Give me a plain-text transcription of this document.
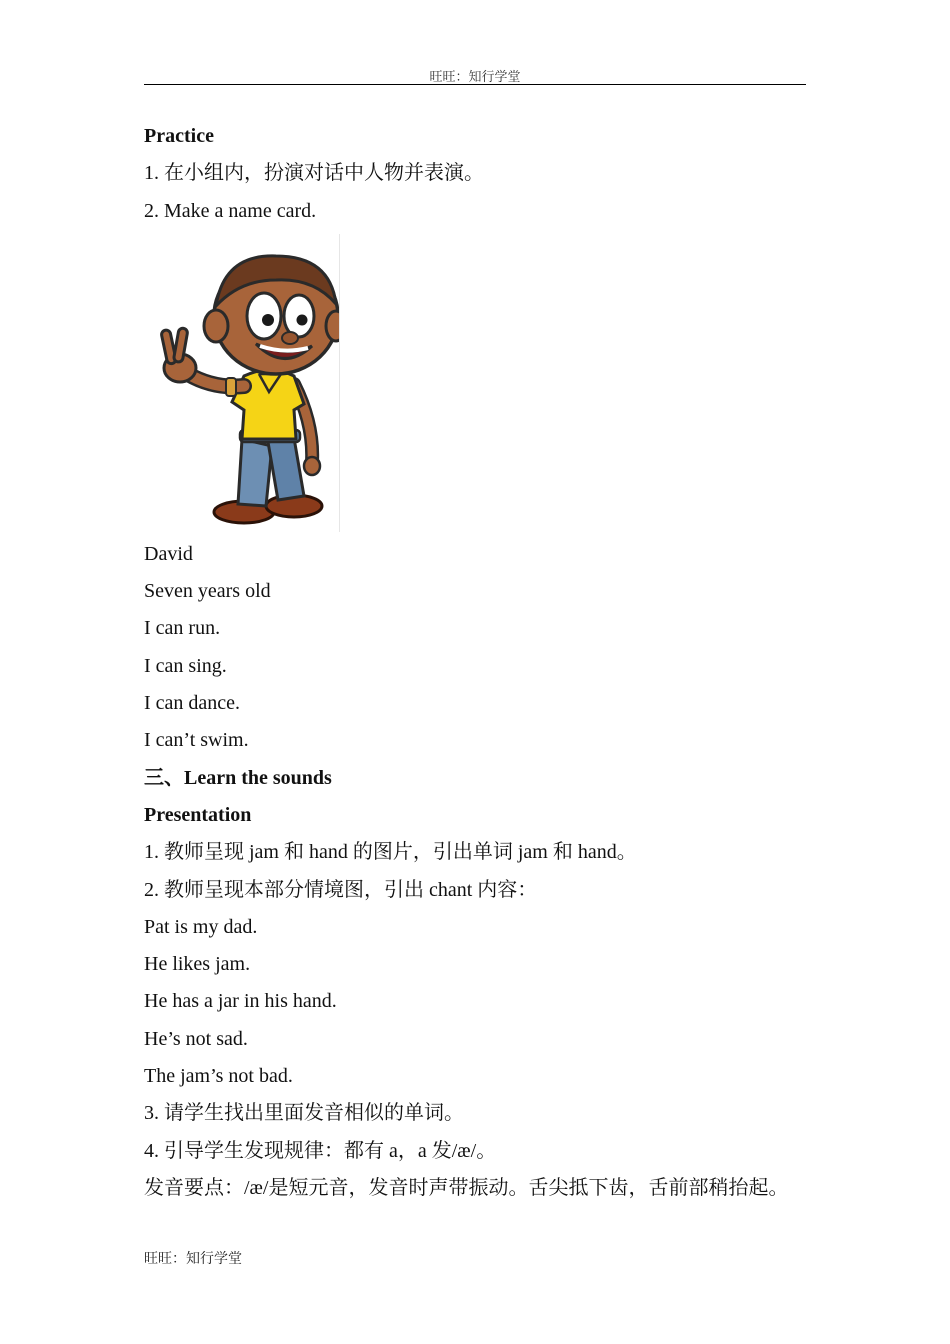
旺旺：知行学堂
Practice
1. 在小组内，扮演对话中人物并表演。
2. Make a name card.
David
Seven years old
I can run.
I can sing.
I can dance.
I can’t swim.
三、Learn the sounds
Presentation
1. 教师呈现 jam 和 hand 的图片，引出单词 jam 和 hand。
2. 教师呈现本部分情境图，引出 chant 内容：
Pat is my dad.
He likes jam.
He has a jar in his hand.
He’s not sad.
The jam’s not bad.
3. 请学生找出里面发音相似的单词。
4. 引导学生发现规律：都有 a，a 发/æ/。
发音要点：/æ/是短元音，发音时声带振动。舌尖抵下齿，舌前部稍抬起。
旺旺：知行学堂
